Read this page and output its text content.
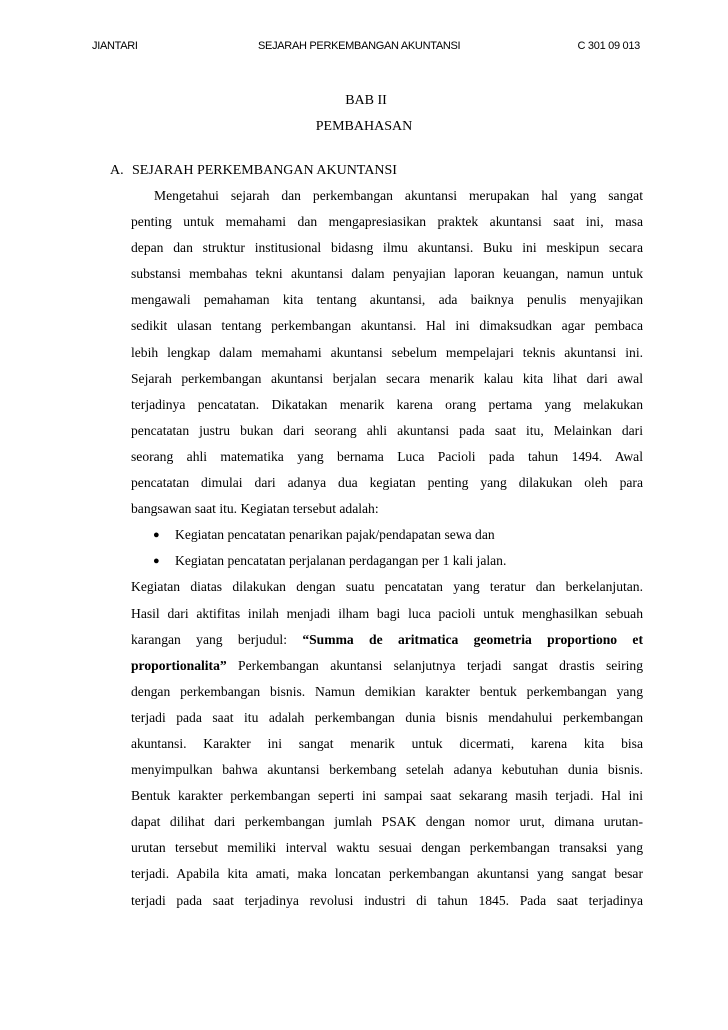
JIANTARI	SEJARAH PERKEMBANGAN AKUNTANSI	C 301 09 013
BAB II
PEMBAHASAN
A. SEJARAH PERKEMBANGAN AKUNTANSI
Mengetahui sejarah dan perkembangan akuntansi merupakan hal yang sangat
penting untuk memahami dan mengapresiasikan praktek akuntansi saat ini, masa
depan dan struktur institusional bidasng ilmu akuntansi. Buku ini meskipun secara
substansi membahas tekni akuntansi dalam penyajian laporan keuangan, namun untuk
mengawali pemahaman kita tentang akuntansi, ada baiknya penulis menyajikan
sedikit ulasan tentang perkembangan akuntansi. Hal ini dimaksudkan agar pembaca
lebih lengkap dalam memahami akuntansi sebelum mempelajari teknis akuntansi ini.
Sejarah perkembangan akuntansi berjalan secara menarik kalau kita lihat dari awal
terjadinya pencatatan. Dikatakan menarik karena orang pertama yang melakukan
pencatatan justru bukan dari seorang ahli akuntansi pada saat itu, Melainkan dari
seorang ahli matematika yang bernama Luca Pacioli pada tahun 1494. Awal
pencatatan dimulai dari adanya dua kegiatan penting yang dilakukan oleh para
bangsawan saat itu. Kegiatan tersebut adalah:
● Kegiatan pencatatan penarikan pajak/pendapatan sewa dan
● Kegiatan pencatatan perjalanan perdagangan per 1 kali jalan.
Kegiatan diatas dilakukan dengan suatu pencatatan yang teratur dan berkelanjutan.
Hasil dari aktifitas inilah menjadi ilham bagi luca pacioli untuk menghasilkan sebuah
karangan yang berjudul: “Summa de aritmatica geometria proportiono et
proportionalita” Perkembangan akuntansi selanjutnya terjadi sangat drastis seiring
dengan perkembangan bisnis. Namun demikian karakter bentuk perkembangan yang
terjadi pada saat itu adalah perkembangan dunia bisnis mendahului perkembangan
akuntansi. Karakter ini sangat menarik untuk dicermati, karena kita bisa
menyimpulkan bahwa akuntansi berkembang setelah adanya kebutuhan dunia bisnis.
Bentuk karakter perkembangan seperti ini sampai saat sekarang masih terjadi. Hal ini
dapat dilihat dari perkembangan jumlah PSAK dengan nomor urut, dimana urutan-
urutan tersebut memiliki interval waktu sesuai dengan perkembangan transaksi yang
terjadi. Apabila kita amati, maka loncatan perkembangan akuntansi yang sangat besar
terjadi pada saat terjadinya revolusi industri di tahun 1845. Pada saat terjadinya
